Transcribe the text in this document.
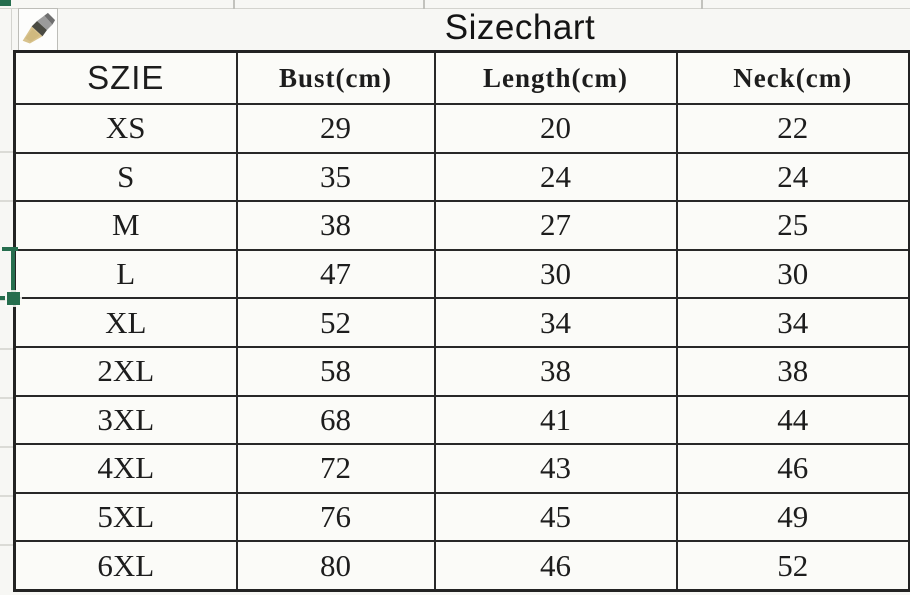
Sizechart
SZIE	Bust(cm)	Length(cm)	Neck(cm)
XS	29	20	22
S	35	24	24
M	38	27	25
L	47	30	30
XL	52	34	34
2XL	58	38	38
3XL	68	41	44
4XL	72	43	46
5XL	76	45	49
6XL	80	46	52
